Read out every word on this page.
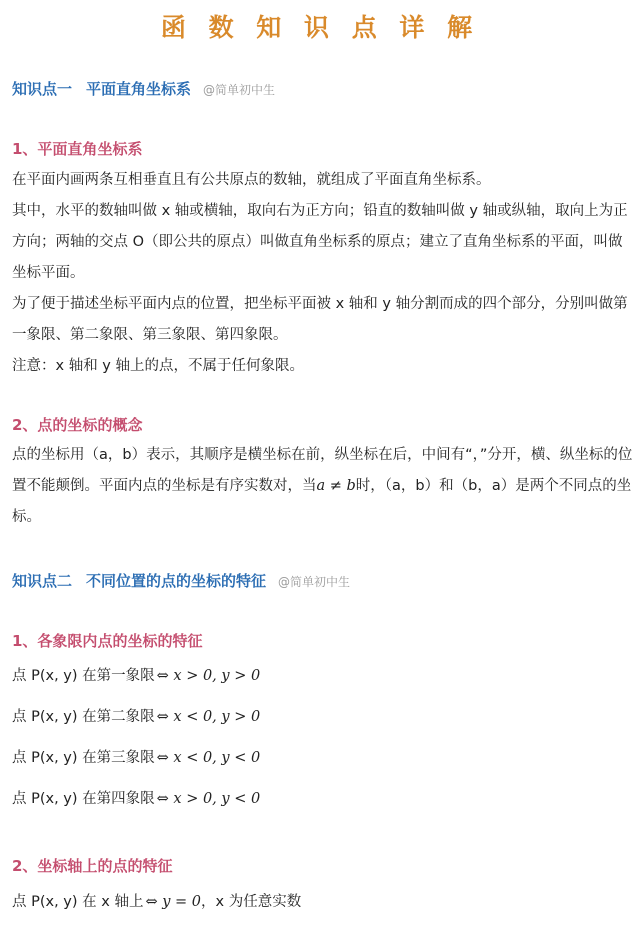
函 数 知 识 点 详 解
知识点一 平面直角坐标系 @简单初中生
1、平面直角坐标系

在平面内画两条互相垂直且有公共原点的数轴，就组成了平面直角坐标系。

其中，水平的数轴叫做 x 轴或横轴，取向右为正方向；铅直的数轴叫做 y 轴或纵轴，取向上为正方向；两轴的交点 O（即公共的原点）叫做直角坐标系的原点；建立了直角坐标系的平面，叫做坐标平面。

为了便于描述坐标平面内点的位置，把坐标平面被 x 轴和 y 轴分割而成的四个部分，分别叫做第一象限、第二象限、第三象限、第四象限。

注意：x 轴和 y 轴上的点，不属于任何象限。

2、点的坐标的概念

点的坐标用（a，b）表示，其顺序是横坐标在前，纵坐标在后，中间有“，”分开，横、纵坐标的位置不能颠倒。平面内点的坐标是有序实数对，当a ≠ b时，（a，b）和（b，a）是两个不同点的坐标。

知识点二 不同位置的点的坐标的特征 @简单初中生
1、各象限内点的坐标的特征
点 P(x, y) 在第一象限 ⇔ x > 0, y > 0
点 P(x, y) 在第二象限 ⇔ x < 0, y > 0
点 P(x, y) 在第三象限 ⇔ x < 0, y < 0
点 P(x, y) 在第四象限 ⇔ x > 0, y < 0
2、坐标轴上的点的特征
点 P(x, y) 在 x 轴上 ⇔ y = 0，x 为任意实数
